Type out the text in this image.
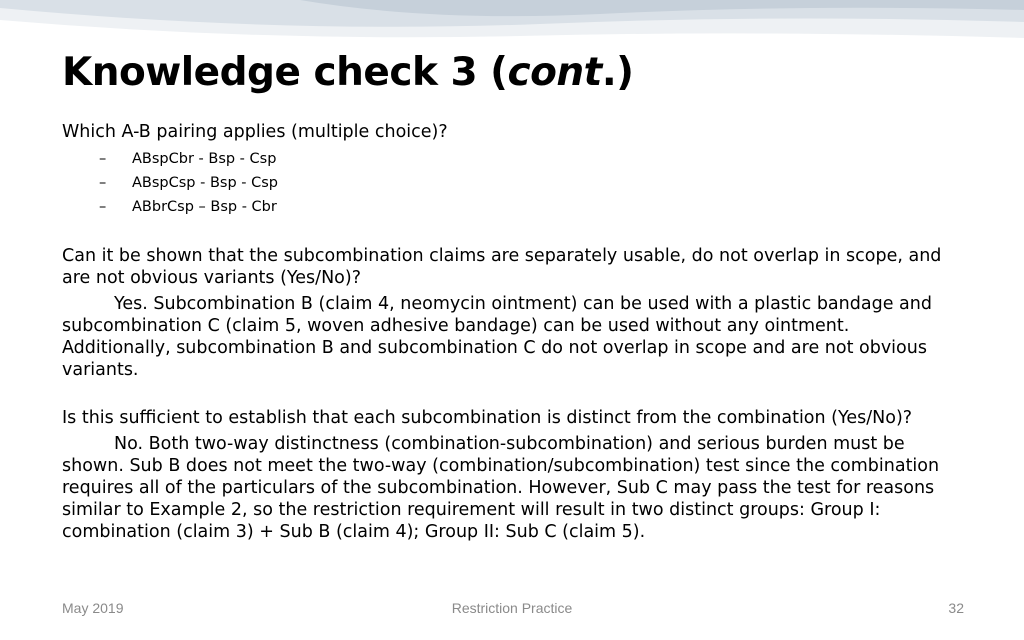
Knowledge check 3 (cont.)

Which A-B pairing applies (multiple choice)?

–	ABspCbr - Bsp - Csp
–	ABspCsp - Bsp - Csp
–	ABbrCsp – Bsp - Cbr

Can it be shown that the subcombination claims are separately usable, do not overlap in scope, and are not obvious variants (Yes/No)?

Yes. Subcombination B (claim 4, neomycin ointment) can be used with a plastic bandage and subcombination C (claim 5, woven adhesive bandage) can be used without any ointment. Additionally, subcombination B and subcombination C do not overlap in scope and are not obvious variants.

Is this sufficient to establish that each subcombination is distinct from the combination (Yes/No)?

No. Both two-way distinctness (combination-subcombination) and serious burden must be shown. Sub B does not meet the two-way (combination/subcombination) test since the combination requires all of the particulars of the subcombination. However, Sub C may pass the test for reasons similar to Example 2, so the restriction requirement will result in two distinct groups: Group I: combination (claim 3) + Sub B (claim 4); Group II: Sub C (claim 5).

May 2019	Restriction Practice	32
